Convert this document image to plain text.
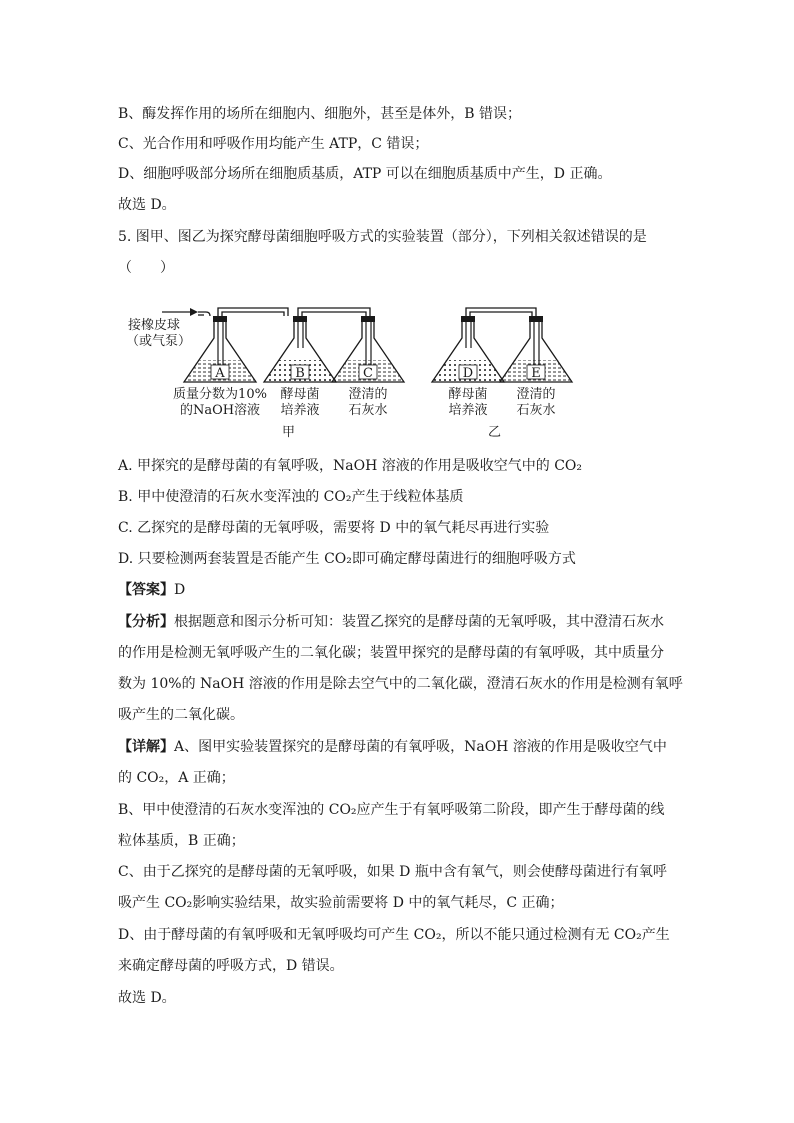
B、酶发挥作用的场所在细胞内、细胞外，甚至是体外，B 错误；
C、光合作用和呼吸作用均能产生 ATP，C 错误；
D、细胞呼吸部分场所在细胞质基质，ATP 可以在细胞质基质中产生，D 正确。
故选 D。
5. 图甲、图乙为探究酵母菌细胞呼吸方式的实验装置（部分），下列相关叙述错误的是
（　　）
接橡皮球
（或气泵）
A
质量分数为10%
的NaOH溶液
B
酵母菌
培养液
C
澄清的
石灰水
D
酵母菌
培养液
E
澄清的
石灰水
甲	乙
A. 甲探究的是酵母菌的有氧呼吸，NaOH 溶液的作用是吸收空气中的 CO₂
B. 甲中使澄清的石灰水变浑浊的 CO₂产生于线粒体基质
C. 乙探究的是酵母菌的无氧呼吸，需要将 D 中的氧气耗尽再进行实验
D. 只要检测两套装置是否能产生 CO₂即可确定酵母菌进行的细胞呼吸方式
【答案】D
【分析】根据题意和图示分析可知：装置乙探究的是酵母菌的无氧呼吸，其中澄清石灰水
的作用是检测无氧呼吸产生的二氧化碳；装置甲探究的是酵母菌的有氧呼吸，其中质量分
数为 10%的 NaOH 溶液的作用是除去空气中的二氧化碳，澄清石灰水的作用是检测有氧呼
吸产生的二氧化碳。
【详解】A、图甲实验装置探究的是酵母菌的有氧呼吸，NaOH 溶液的作用是吸收空气中
的 CO₂，A 正确；
B、甲中使澄清的石灰水变浑浊的 CO₂应产生于有氧呼吸第二阶段，即产生于酵母菌的线
粒体基质，B 正确；
C、由于乙探究的是酵母菌的无氧呼吸，如果 D 瓶中含有氧气，则会使酵母菌进行有氧呼
吸产生 CO₂影响实验结果，故实验前需要将 D 中的氧气耗尽，C 正确；
D、由于酵母菌的有氧呼吸和无氧呼吸均可产生 CO₂，所以不能只通过检测有无 CO₂产生
来确定酵母菌的呼吸方式，D 错误。
故选 D。
